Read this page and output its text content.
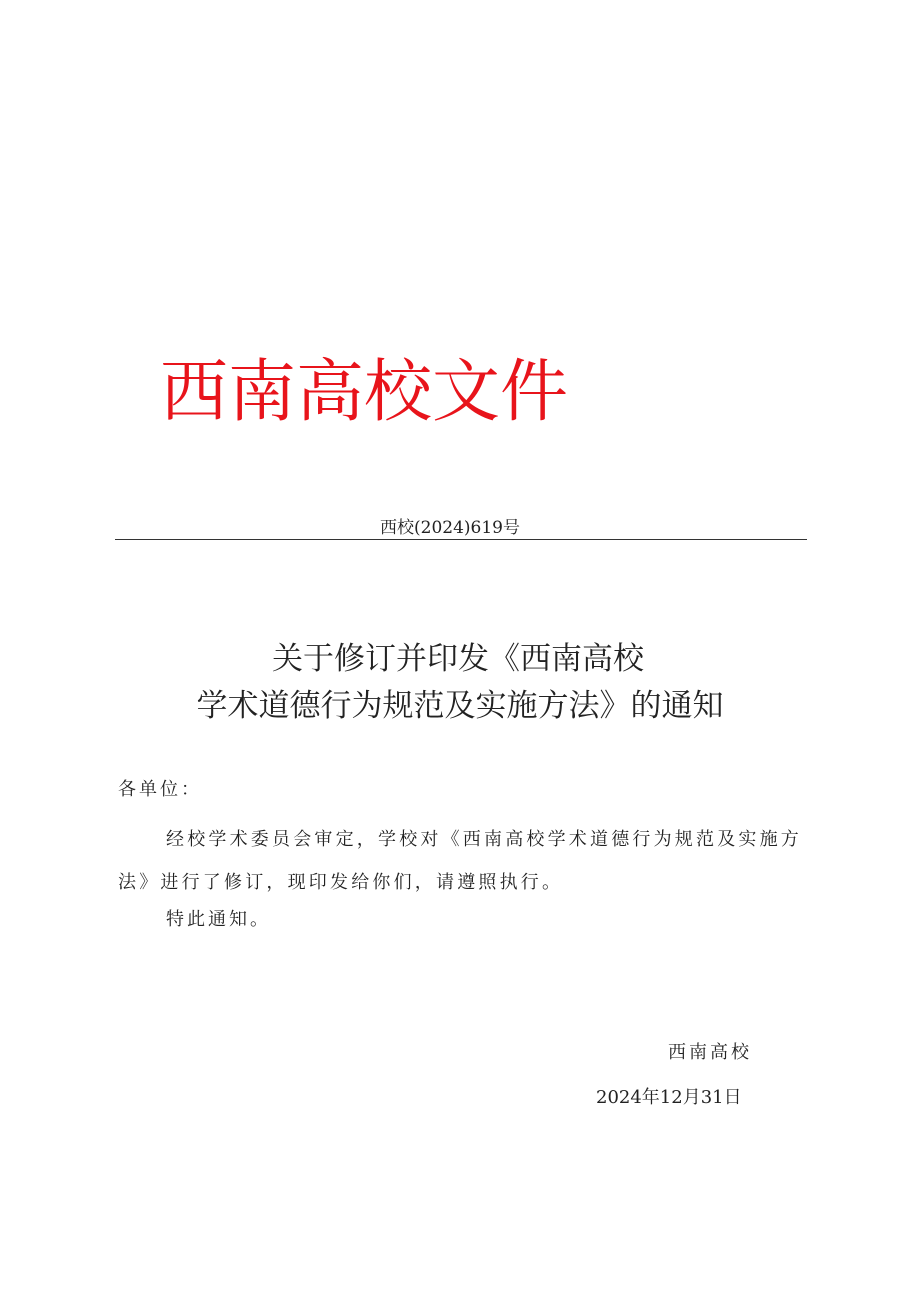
西南高校文件
西校(2024)619号
关于修订并印发《西南高校
学术道德行为规范及实施方法》的通知
各单位：
经校学术委员会审定，学校对《西南高校学术道德行为规范及实施方法》进行了修订，现印发给你们，请遵照执行。
特此通知。
西南高校
2024年12月31日
